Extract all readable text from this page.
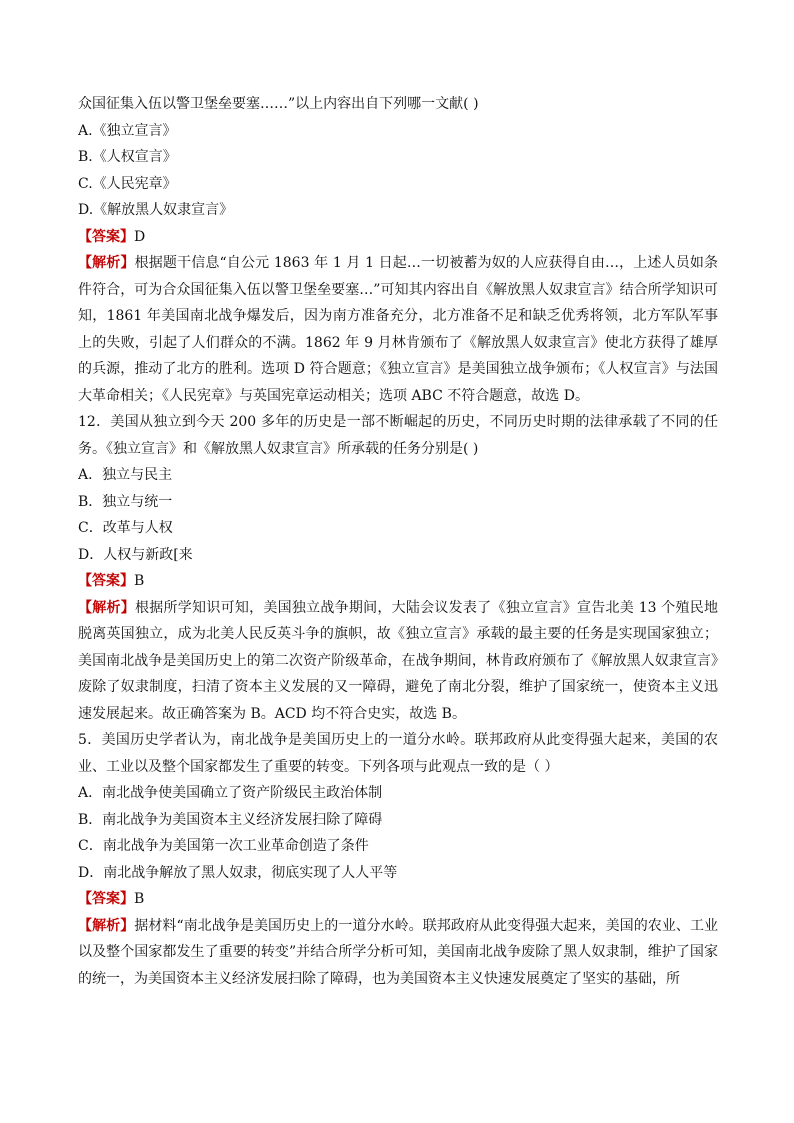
众国征集入伍以警卫堡垒要塞……”以上内容出自下列哪一文献( )
A.《独立宣言》
B.《人权宣言》
C.《人民宪章》
D.《解放黑人奴隶宣言》
【答案】D
【解析】根据题干信息“自公元 1863 年 1 月 1 日起…一切被蓄为奴的人应获得自由…，上述人员如条件符合，可为合众国征集入伍以警卫堡垒要塞…”可知其内容出自《解放黑人奴隶宣言》结合所学知识可知，1861 年美国南北战争爆发后，因为南方准备充分，北方准备不足和缺乏优秀将领，北方军队军事上的失败，引起了人们群众的不满。1862 年 9 月林肯颁布了《解放黑人奴隶宣言》使北方获得了雄厚的兵源，推动了北方的胜利。选项 D 符合题意；《独立宣言》是美国独立战争颁布；《人权宣言》与法国大革命相关；《人民宪章》与英国宪章运动相关；选项 ABC 不符合题意，故选 D。
12．美国从独立到今天 200 多年的历史是一部不断崛起的历史，不同历史时期的法律承载了不同的任务。《独立宣言》和《解放黑人奴隶宣言》所承载的任务分别是( )
A．独立与民主
B．独立与统一
C．改革与人权
D．人权与新政[来
【答案】B
【解析】根据所学知识可知，美国独立战争期间，大陆会议发表了《独立宣言》宣告北美 13 个殖民地脱离英国独立，成为北美人民反英斗争的旗帜，故《独立宣言》承载的最主要的任务是实现国家独立；美国南北战争是美国历史上的第二次资产阶级革命，在战争期间，林肯政府颁布了《解放黑人奴隶宣言》废除了奴隶制度，扫清了资本主义发展的又一障碍，避免了南北分裂，维护了国家统一，使资本主义迅速发展起来。故正确答案为 B。ACD 均不符合史实，故选 B。
5．美国历史学者认为，南北战争是美国历史上的一道分水岭。联邦政府从此变得强大起来，美国的农业、工业以及整个国家都发生了重要的转变。下列各项与此观点一致的是（ ）
A．南北战争使美国确立了资产阶级民主政治体制
B．南北战争为美国资本主义经济发展扫除了障碍
C．南北战争为美国第一次工业革命创造了条件
D．南北战争解放了黑人奴隶，彻底实现了人人平等
【答案】B
【解析】据材料“南北战争是美国历史上的一道分水岭。联邦政府从此变得强大起来，美国的农业、工业以及整个国家都发生了重要的转变”并结合所学分析可知，美国南北战争废除了黑人奴隶制，维护了国家的统一，为美国资本主义经济发展扫除了障碍，也为美国资本主义快速发展奠定了坚实的基础，所
